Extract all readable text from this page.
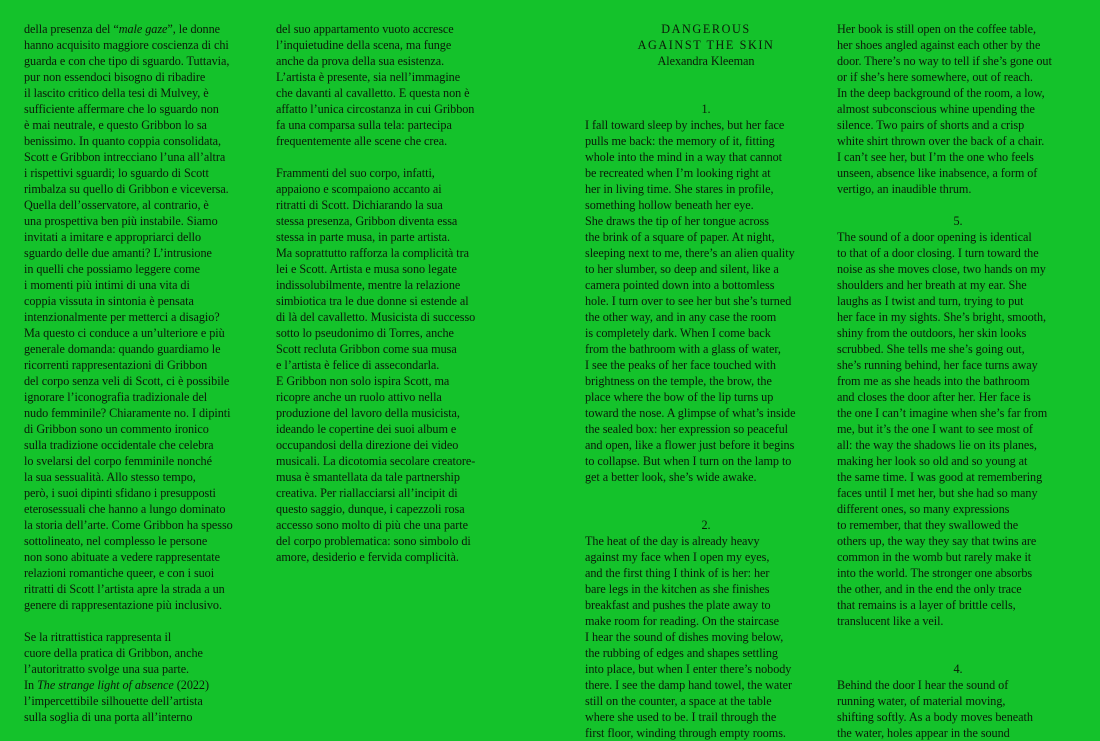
della presenza del “male gaze”, le donne
hanno acquisito maggiore coscienza di chi
guarda e con che tipo di sguardo. Tuttavia,
pur non essendoci bisogno di ribadire
il lascito critico della tesi di Mulvey, è
sufficiente affermare che lo sguardo non
è mai neutrale, e questo Gribbon lo sa
benissimo. In quanto coppia consolidata,
Scott e Gribbon intrecciano l’una all’altra
i rispettivi sguardi; lo sguardo di Scott
rimbalza su quello di Gribbon e viceversa.
Quella dell’osservatore, al contrario, è
una prospettiva ben più instabile. Siamo
invitati a imitare e appropriarci dello
sguardo delle due amanti? L’intrusione
in quelli che possiamo leggere come
i momenti più intimi di una vita di
coppia vissuta in sintonia è pensata
intenzionalmente per metterci a disagio?
Ma questo ci conduce a un’ulteriore e più
generale domanda: quando guardiamo le
ricorrenti rappresentazioni di Gribbon
del corpo senza veli di Scott, ci è possibile
ignorare l’iconografia tradizionale del
nudo femminile? Chiaramente no. I dipinti
di Gribbon sono un commento ironico
sulla tradizione occidentale che celebra
lo svelarsi del corpo femminile nonché
la sua sessualità. Allo stesso tempo,
però, i suoi dipinti sfidano i presupposti
eterosessuali che hanno a lungo dominato
la storia dell’arte. Come Gribbon ha spesso
sottolineato, nel complesso le persone
non sono abituate a vedere rappresentate
relazioni romantiche queer, e con i suoi
ritratti di Scott l’artista apre la strada a un
genere di rappresentazione più inclusivo.

Se la ritrattistica rappresenta il
cuore della pratica di Gribbon, anche
l’autoritratto svolge una sua parte.
In The strange light of absence (2022)
l’impercettibile silhouette dell’artista
sulla soglia di una porta all’interno

del suo appartamento vuoto accresce
l’inquietudine della scena, ma funge
anche da prova della sua esistenza.
L’artista è presente, sia nell’immagine
che davanti al cavalletto. E questa non è
affatto l’unica circostanza in cui Gribbon
fa una comparsa sulla tela: partecipa
frequentemente alle scene che crea.

Frammenti del suo corpo, infatti,
appaiono e scompaiono accanto ai
ritratti di Scott. Dichiarando la sua
stessa presenza, Gribbon diventa essa
stessa in parte musa, in parte artista.
Ma soprattutto rafforza la complicità tra
lei e Scott. Artista e musa sono legate
indissolubilmente, mentre la relazione
simbiotica tra le due donne si estende al
di là del cavalletto. Musicista di successo
sotto lo pseudonimo di Torres, anche
Scott recluta Gribbon come sua musa
e l’artista è felice di assecondarla.
E Gribbon non solo ispira Scott, ma
ricopre anche un ruolo attivo nella
produzione del lavoro della musicista,
ideando le copertine dei suoi album e
occupandosi della direzione dei video
musicali. La dicotomia secolare creatore-
musa è smantellata da tale partnership
creativa. Per riallacciarsi all’incipit di
questo saggio, dunque, i capezzoli rosa
accesso sono molto di più che una parte
del corpo problematica: sono simbolo di
amore, desiderio e fervida complicità.

DANGEROUS
AGAINST THE SKIN
Alexandra Kleeman
1.
I fall toward sleep by inches, but her face
pulls me back: the memory of it, fitting
whole into the mind in a way that cannot
be recreated when I’m looking right at
her in living time. She stares in profile,
something hollow beneath her eye.
She draws the tip of her tongue across
the brink of a square of paper. At night,
sleeping next to me, there’s an alien quality
to her slumber, so deep and silent, like a
camera pointed down into a bottomless
hole. I turn over to see her but she’s turned
the other way, and in any case the room
is completely dark. When I come back
from the bathroom with a glass of water,
I see the peaks of her face touched with
brightness on the temple, the brow, the
place where the bow of the lip turns up
toward the nose. A glimpse of what’s inside
the sealed box: her expression so peaceful
and open, like a flower just before it begins
to collapse. But when I turn on the lamp to
get a better look, she’s wide awake.
2.
The heat of the day is already heavy
against my face when I open my eyes,
and the first thing I think of is her: her
bare legs in the kitchen as she finishes
breakfast and pushes the plate away to
make room for reading. On the staircase
I hear the sound of dishes moving below,
the rubbing of edges and shapes settling
into place, but when I enter there’s nobody
there. I see the damp hand towel, the water
still on the counter, a space at the table
where she used to be. I trail through the
first floor, winding through empty rooms.
Her book is still open on the coffee table,
her shoes angled against each other by the
door. There’s no way to tell if she’s gone out
or if she’s here somewhere, out of reach.
In the deep background of the room, a low,
almost subconscious whine upending the
silence. Two pairs of shorts and a crisp
white shirt thrown over the back of a chair.
I can’t see her, but I’m the one who feels
unseen, absence like inabsence, a form of
vertigo, an inaudible thrum.
5.
The sound of a door opening is identical
to that of a door closing. I turn toward the
noise as she moves close, two hands on my
shoulders and her breath at my ear. She
laughs as I twist and turn, trying to put
her face in my sights. She’s bright, smooth,
shiny from the outdoors, her skin looks
scrubbed. She tells me she’s going out,
she’s running behind, her face turns away
from me as she heads into the bathroom
and closes the door after her. Her face is
the one I can’t imagine when she’s far from
me, but it’s the one I want to see most of
all: the way the shadows lie on its planes,
making her look so old and so young at
the same time. I was good at remembering
faces until I met her, but she had so many
different ones, so many expressions
to remember, that they swallowed the
others up, the way they say that twins are
common in the womb but rarely make it
into the world. The stronger one absorbs
the other, and in the end the only trace
that remains is a layer of brittle cells,
translucent like a veil.
4.
Behind the door I hear the sound of
running water, of material moving,
shifting softly. As a body moves beneath
the water, holes appear in the sound
